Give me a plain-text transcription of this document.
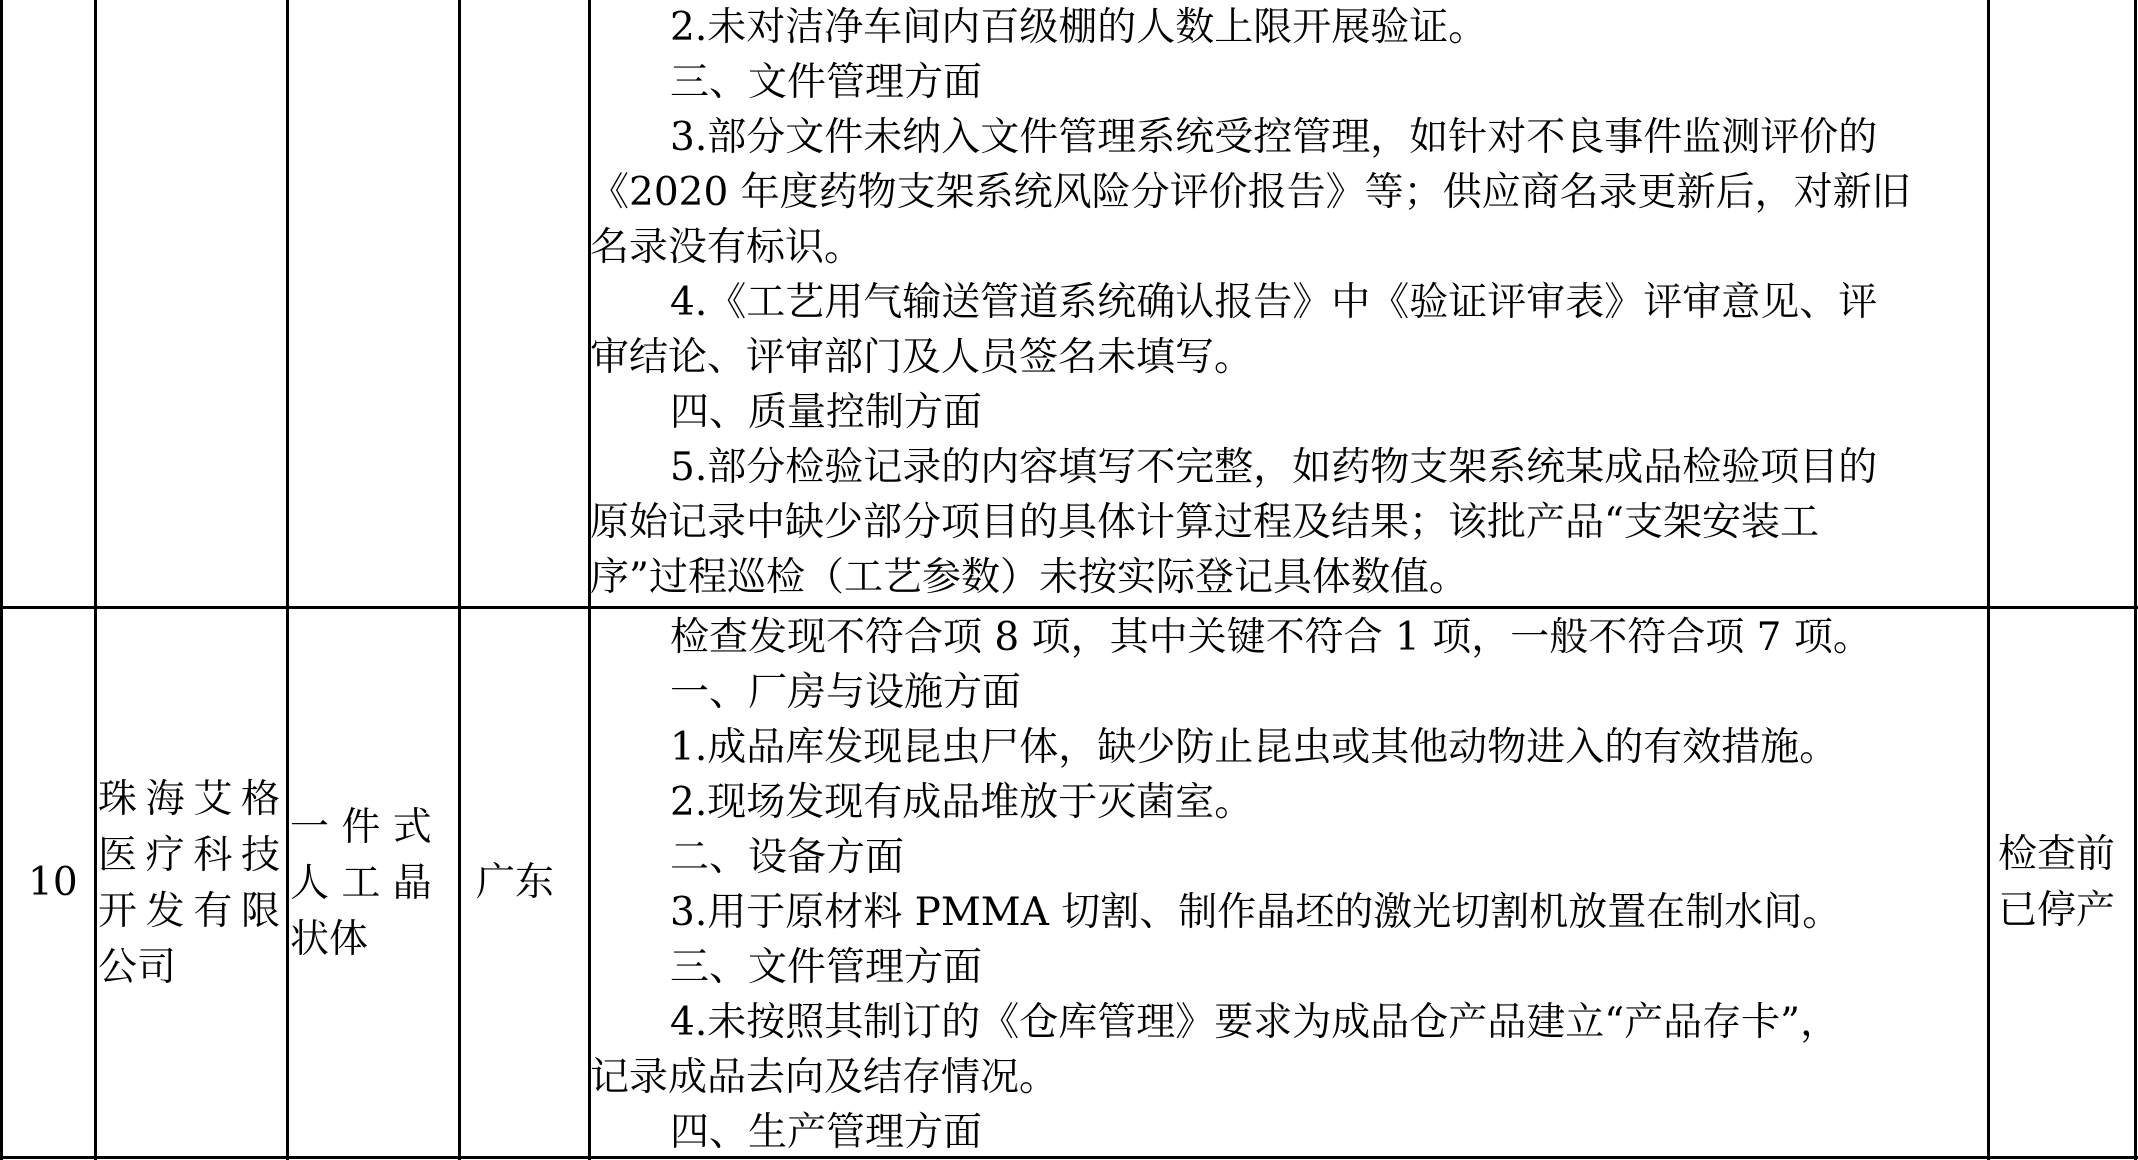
2.未对洁净车间内百级棚的人数上限开展验证。
三、文件管理方面
3.部分文件未纳入文件管理系统受控管理，如针对不良事件监测评价的
《2020 年度药物支架系统风险分评价报告》等；供应商名录更新后，对新旧
名录没有标识。
4.《工艺用气输送管道系统确认报告》中《验证评审表》评审意见、评
审结论、评审部门及人员签名未填写。
四、质量控制方面
5.部分检验记录的内容填写不完整，如药物支架系统某成品检验项目的
原始记录中缺少部分项目的具体计算过程及结果；该批产品“支架安装工
序”过程巡检（工艺参数）未按实际登记具体数值。
10
珠海艾格
医疗科技
开发有限
公司
一 件 式
人 工 晶
状体
广东
检查发现不符合项 8 项，其中关键不符合 1 项，一般不符合项 7 项。
一、厂房与设施方面
1.成品库发现昆虫尸体，缺少防止昆虫或其他动物进入的有效措施。
2.现场发现有成品堆放于灭菌室。
二、设备方面
3.用于原材料 PMMA 切割、制作晶坯的激光切割机放置在制水间。
三、文件管理方面
4.未按照其制订的《仓库管理》要求为成品仓产品建立“产品存卡”，
记录成品去向及结存情况。
四、生产管理方面
检查前
已停产
